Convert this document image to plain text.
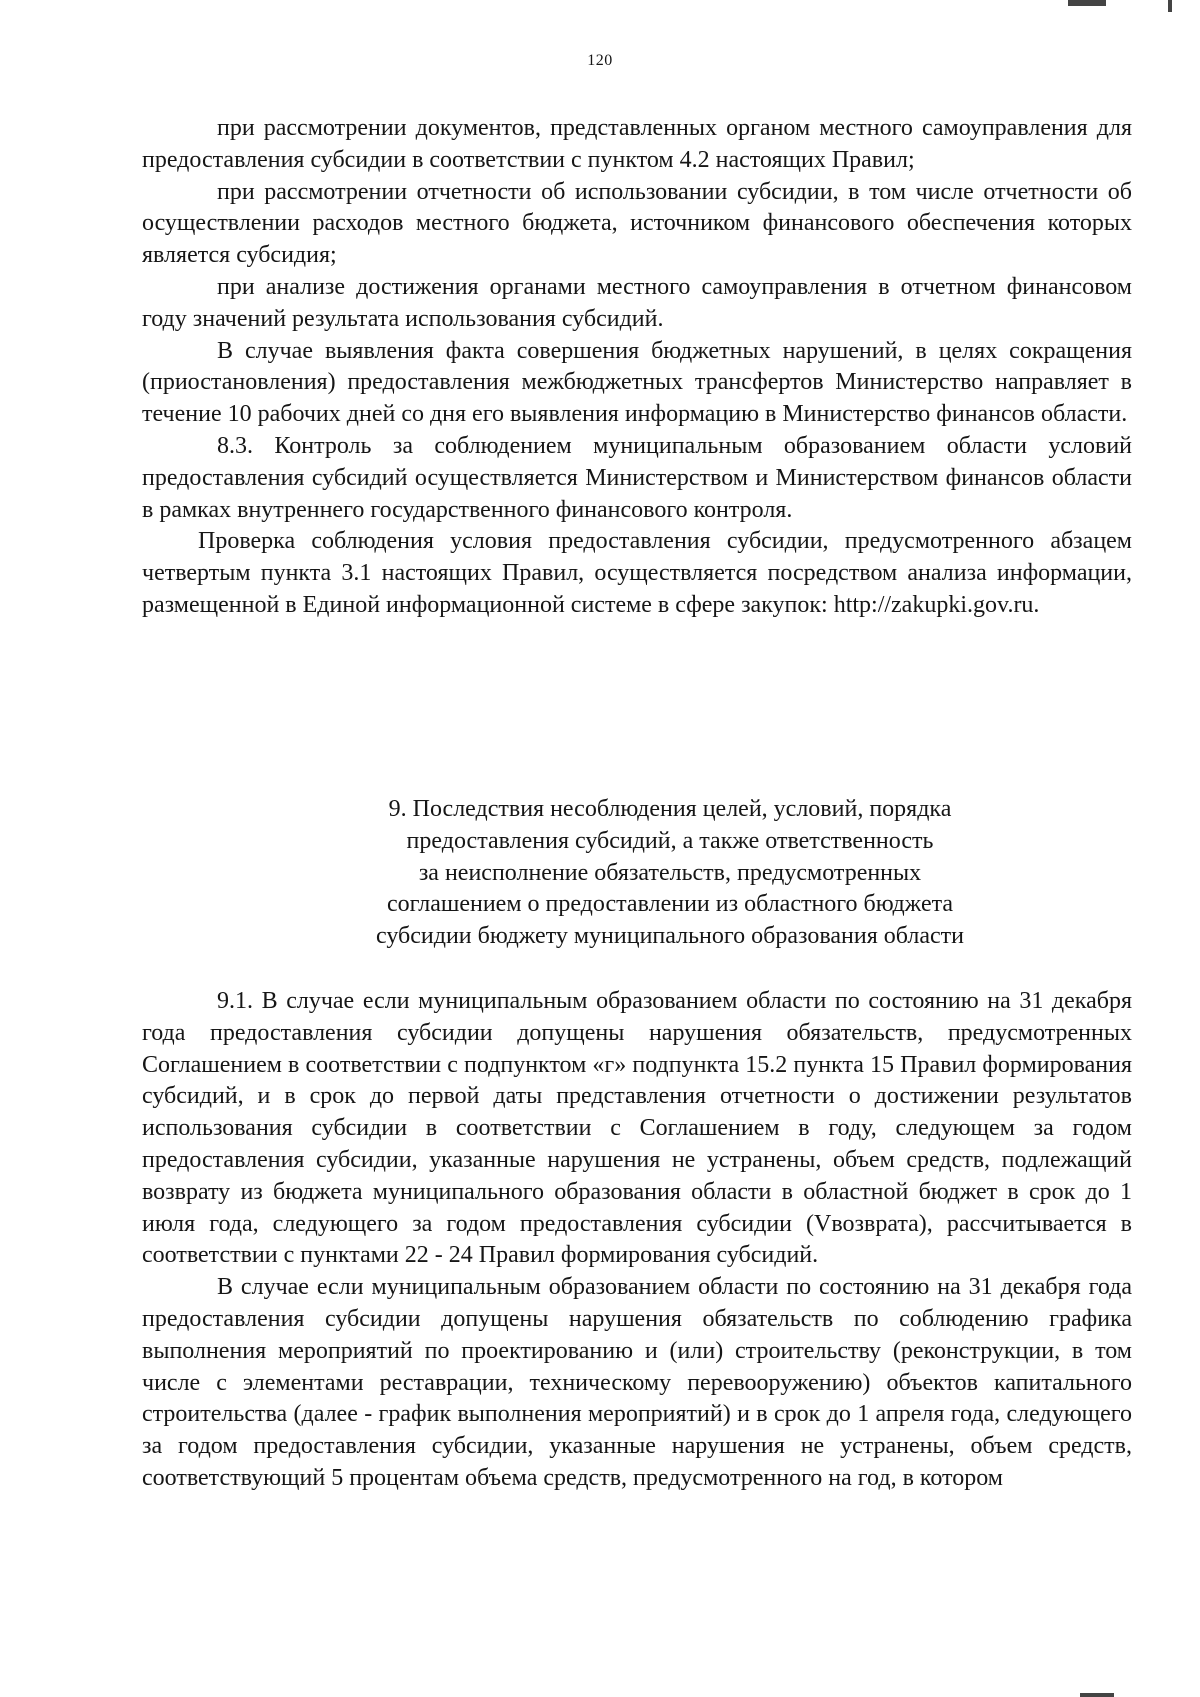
120

при рассмотрении документов, представленных органом местного самоуправления для предоставления субсидии в соответствии с пунктом 4.2 настоящих Правил;

при рассмотрении отчетности об использовании субсидии, в том числе отчетности об осуществлении расходов местного бюджета, источником финансового обеспечения которых является субсидия;

при анализе достижения органами местного самоуправления в отчетном финансовом году значений результата использования субсидий.

В случае выявления факта совершения бюджетных нарушений, в целях сокращения (приостановления) предоставления межбюджетных трансфертов Министерство направляет в течение 10 рабочих дней со дня его выявления информацию в Министерство финансов области.

8.3. Контроль за соблюдением муниципальным образованием области условий предоставления субсидий осуществляется Министерством и Министерством финансов области в рамках внутреннего государственного финансового контроля.

Проверка соблюдения условия предоставления субсидии, предусмотренного абзацем четвертым пункта 3.1 настоящих Правил, осуществляется посредством анализа информации, размещенной в Единой информационной системе в сфере закупок: http://zakupki.gov.ru.

9. Последствия несоблюдения целей, условий, порядка
предоставления субсидий, а также ответственность
за неисполнение обязательств, предусмотренных
соглашением о предоставлении из областного бюджета
субсидии бюджету муниципального образования области

9.1. В случае если муниципальным образованием области по состоянию на 31 декабря года предоставления субсидии допущены нарушения обязательств, предусмотренных Соглашением в соответствии с подпунктом «г» подпункта 15.2 пункта 15 Правил формирования субсидий, и в срок до первой даты представления отчетности о достижении результатов использования субсидии в соответствии с Соглашением в году, следующем за годом предоставления субсидии, указанные нарушения не устранены, объем средств, подлежащий возврату из бюджета муниципального образования области в областной бюджет в срок до 1 июля года, следующего за годом предоставления субсидии (Vвозврата), рассчитывается в соответствии с пунктами 22 - 24 Правил формирования субсидий.

В случае если муниципальным образованием области по состоянию на 31 декабря года предоставления субсидии допущены нарушения обязательств по соблюдению графика выполнения мероприятий по проектированию и (или) строительству (реконструкции, в том числе с элементами реставрации, техническому перевооружению) объектов капитального строительства (далее - график выполнения мероприятий) и в срок до 1 апреля года, следующего за годом предоставления субсидии, указанные нарушения не устранены, объем средств, соответствующий 5 процентам объема средств, предусмотренного на год, в котором
